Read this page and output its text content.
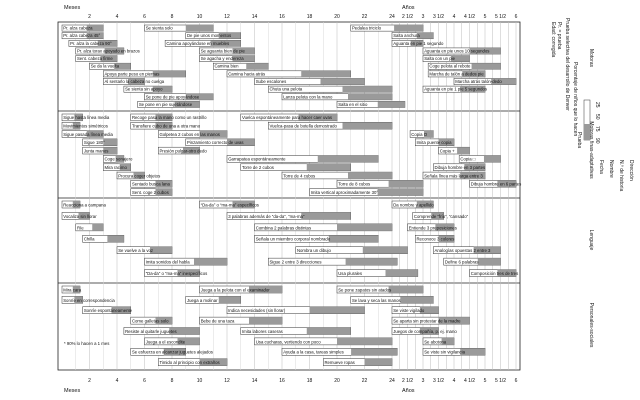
Meses	Años
2	4	6	8	10	12	14	16	18	20	22	24 2 1/2 3 3 1/2 4 4 1/2 5 5 1/2 6
2	4	6	8	10	12	14	16	18	20	22	24 2 1/2 3 3 1/2 4 4 1/2 5 5 1/2 6
Meses	Años
Pr. alza cabeza
Pr. alza cabeza 45°
Pr. alza la cabeza 90°
Pr. alza torax apoyado en brazos
Sent. cabeza firme
Se da la vuelta
Apoya parte peso en piernas
Al sentarlo la cabeza no cuelga
Se sienta sin apoyo
Se pone de pie apoyándose
Se pone en pie sujetándose
Se sienta solo
De pie unos momentos
Camina apoyándose en muebles
Se aguanta bien de pie
Se agacha y endereza
Camina bien
Camina hacia atrás
Sube escalones
Chuta una pelota
Lanza pelota con la mano
Salta en el sitio
Pedalea triciclo
Salta anchura
Aguanta en pie 1 segundo
Aguanta en pie unos 10 segundos
Salta con un pie
Coge pelota al rebote
Marcha de talón a dedos pie
Marcha atrás talón-dedo
Aguanta en pie 1 pie 5 segundos
Sigue hasta línea media
Movimientos simétricos
Sigue pasada línea media
Sigue 180°
Junta manos
Coge sonajero
Mira racimo
Procura coger objetos
Sentado busca lana
Sent. coge 2 cubos
Recoge pasa la mano como un rastrillo
Transfiere cubo de una a otra mano
Golpetea 2 cubos en las manos
Pinzamiento correcto de uvas
Presión pulgar-otro dedo
Garrapatea espontáneamente
Torre de 2 cubos
Torre de 4 cubos
Torre de 8 cubos
Imita vertical aproximadamente 30°
Vuelca espontáneamente para hacer caer uvas
Vuelca-pasa de botella demostrado
Copia O
Imita puente copia
Copia +
Copia □
Dibuja hombre en 3 partes
Señala línea más larga entre 3
Dibuja hombre en 6 partes
Reacciona a campana
Vocaliza sin llorar
Ríe
Chilla
Se vuelve a la voz
Imita sonidos del habla
“Da-da” o “ma-ma” inespecíficos
“Da-da” o “ma-ma” específicos
3 palabras además de “da-da”, “ma-ma”
Combina 2 palabras distintas
Señala un miembro corporal nombrado
Nombra un dibujo
Sigue 2 entre 3 direcciones
Usa plurales
Da nombre y apellido
Comprende “frío”, “cansado”
Entiende 3 preposiciones
Reconoce 3 colores
Analogías opuestas 2 entre 3
Define 6 palabras
Composición tres de tres
Mira cara
Sonríe en correspondencia
Sonríe espontáneamente
Come galletas solo
Resiste al quitarle juguetes
Juega a el escondite
Se esfuerza en alcanzar juguetes alejados
Timido al principio con extraños
Juega a la pelota con el examinador
Juega a molinar
Indica necesidades (sin llorar)
Bebe de una taza
Imita labores caseras
Usa cucharas, vertiendo con poco
Ayuda a la casa, tareas simples
Remueve ropas
Se pone zapatos sin atados
Se lava y seca las manos
Se viste vigilado
Se aparta sin protestar de la madre
Juegos de compañía, p. ej. mano
Se abotona
Se viste sin vigilancia
* 90% lo hacen a 1 mes
Prueba selectiva del desarrollo de Denver
Pr. = prueba
Edad: corregida
Porcentaje de niños que lo hacen	25
50
75
90
Prueba
Fecha Nombre N.º de historia Dirección
Motoras
Motoras finas-adaptativas
Lenguaje
Personales-sociales
